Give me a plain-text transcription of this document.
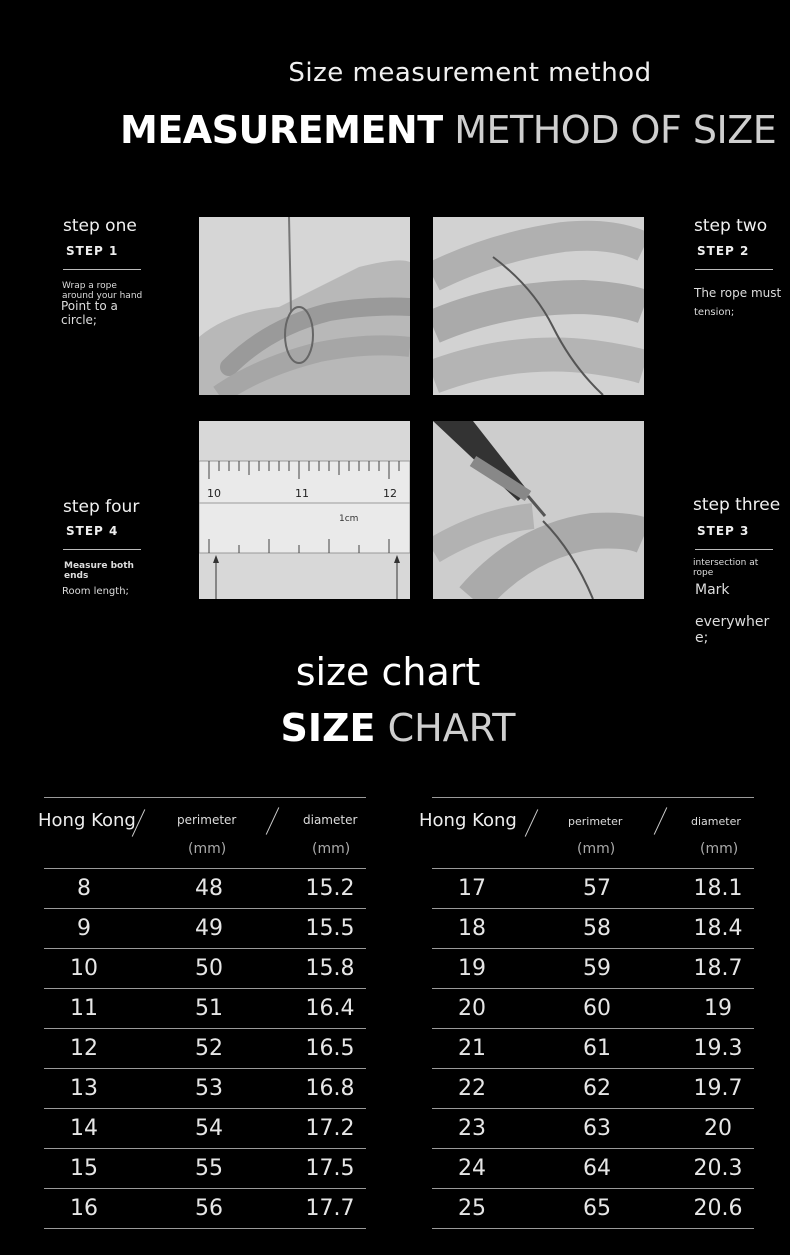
Size measurement method
MEASUREMENT METHOD OF SIZE
10	11	12
1cm
step one
STEP 1
Wrap a rope
around your hand
Point to a
circle;
step two
STEP 2
The rope must
tension;
step four
STEP 4
Measure both
ends
Room length;
step three
STEP 3
intersection at
rope
Mark
everywher
e;
size chart
SIZE CHART
Hong Kong	perimeter	diameter
(mm)	(mm)
Hong Kong	perimeter	diameter
(mm)	(mm)
8	48	15.2
9	49	15.5
10	50	15.8
11	51	16.4
12	52	16.5
13	53	16.8
14	54	17.2
15	55	17.5
16	56	17.7
17	57	18.1
18	58	18.4
19	59	18.7
20	60	19
21	61	19.3
22	62	19.7
23	63	20
24	64	20.3
25	65	20.6
